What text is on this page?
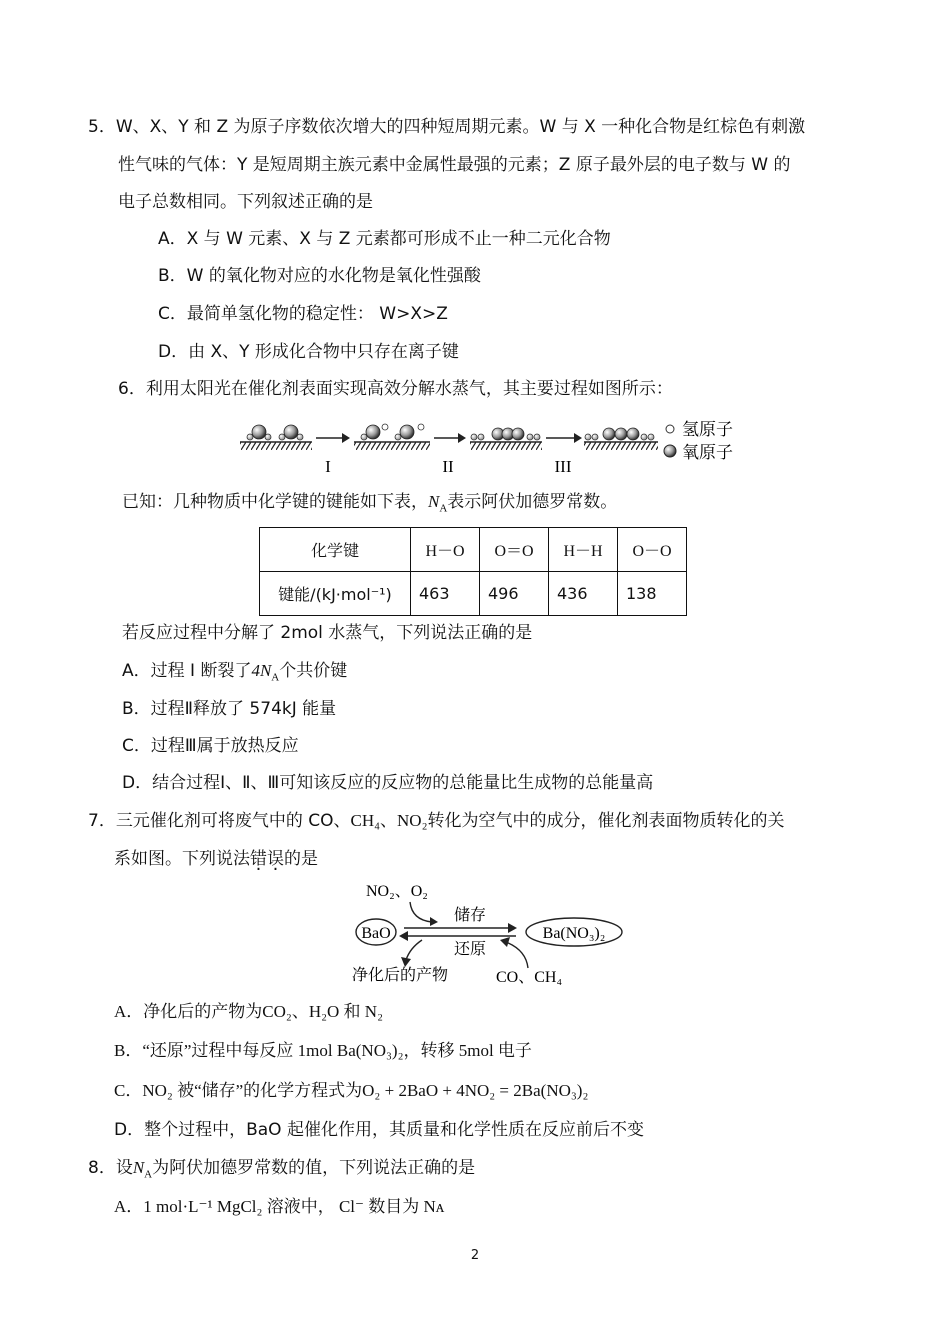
5．W、X、Y 和 Z 为原子序数依次增大的四种短周期元素。W 与 X 一种化合物是红棕色有刺激
性气味的气体：Y 是短周期主族元素中金属性最强的元素；Z 原子最外层的电子数与 W 的
电子总数相同。下列叙述正确的是
A．X 与 W 元素、X 与 Z 元素都可形成不止一种二元化合物
B．W 的氧化物对应的水化物是氧化性强酸
C．最简单氢化物的稳定性： W>X>Z
D．由 X、Y 形成化合物中只存在离子键
6．利用太阳光在催化剂表面实现高效分解水蒸气，其主要过程如图所示：
I	II	III
氢原子
氧原子
已知：几种物质中化学键的键能如下表，$N_A$表示阿伏加德罗常数。
化学键	H－O	O＝O	H－H	O－O
键能/(kJ·mol⁻¹)	463	496	436	138
若反应过程中分解了 2mol 水蒸气，下列说法正确的是
A．过程 I 断裂了$4N_A$个共价键
B．过程Ⅱ释放了 574kJ 能量
C．过程Ⅲ属于放热反应
D．结合过程Ⅰ、Ⅱ、Ⅲ可知该反应的反应物的总能量比生成物的总能量高
7．三元催化剂可将废气中的 CO、CH₄、NO₂转化为空气中的成分，催化剂表面物质转化的关
系如图。下列说法错误的是
NO₂、O₂
储存
还原
BaO	Ba(NO₃)₂
净化后的产物	CO、CH₄
A．净化后的产物为CO₂、H₂O 和 N₂
B．“还原”过程中每反应 1mol Ba(NO₃)₂，转移 5mol 电子
C．NO₂ 被“储存”的化学方程式为O₂ + 2BaO + 4NO₂ = 2Ba(NO₃)₂
D．整个过程中，BaO 起催化作用，其质量和化学性质在反应前后不变
8．设$N_A$为阿伏加德罗常数的值，下列说法正确的是
A．1 mol·L⁻¹ MgCl₂ 溶液中， Cl⁻ 数目为 Nᴀ
2
